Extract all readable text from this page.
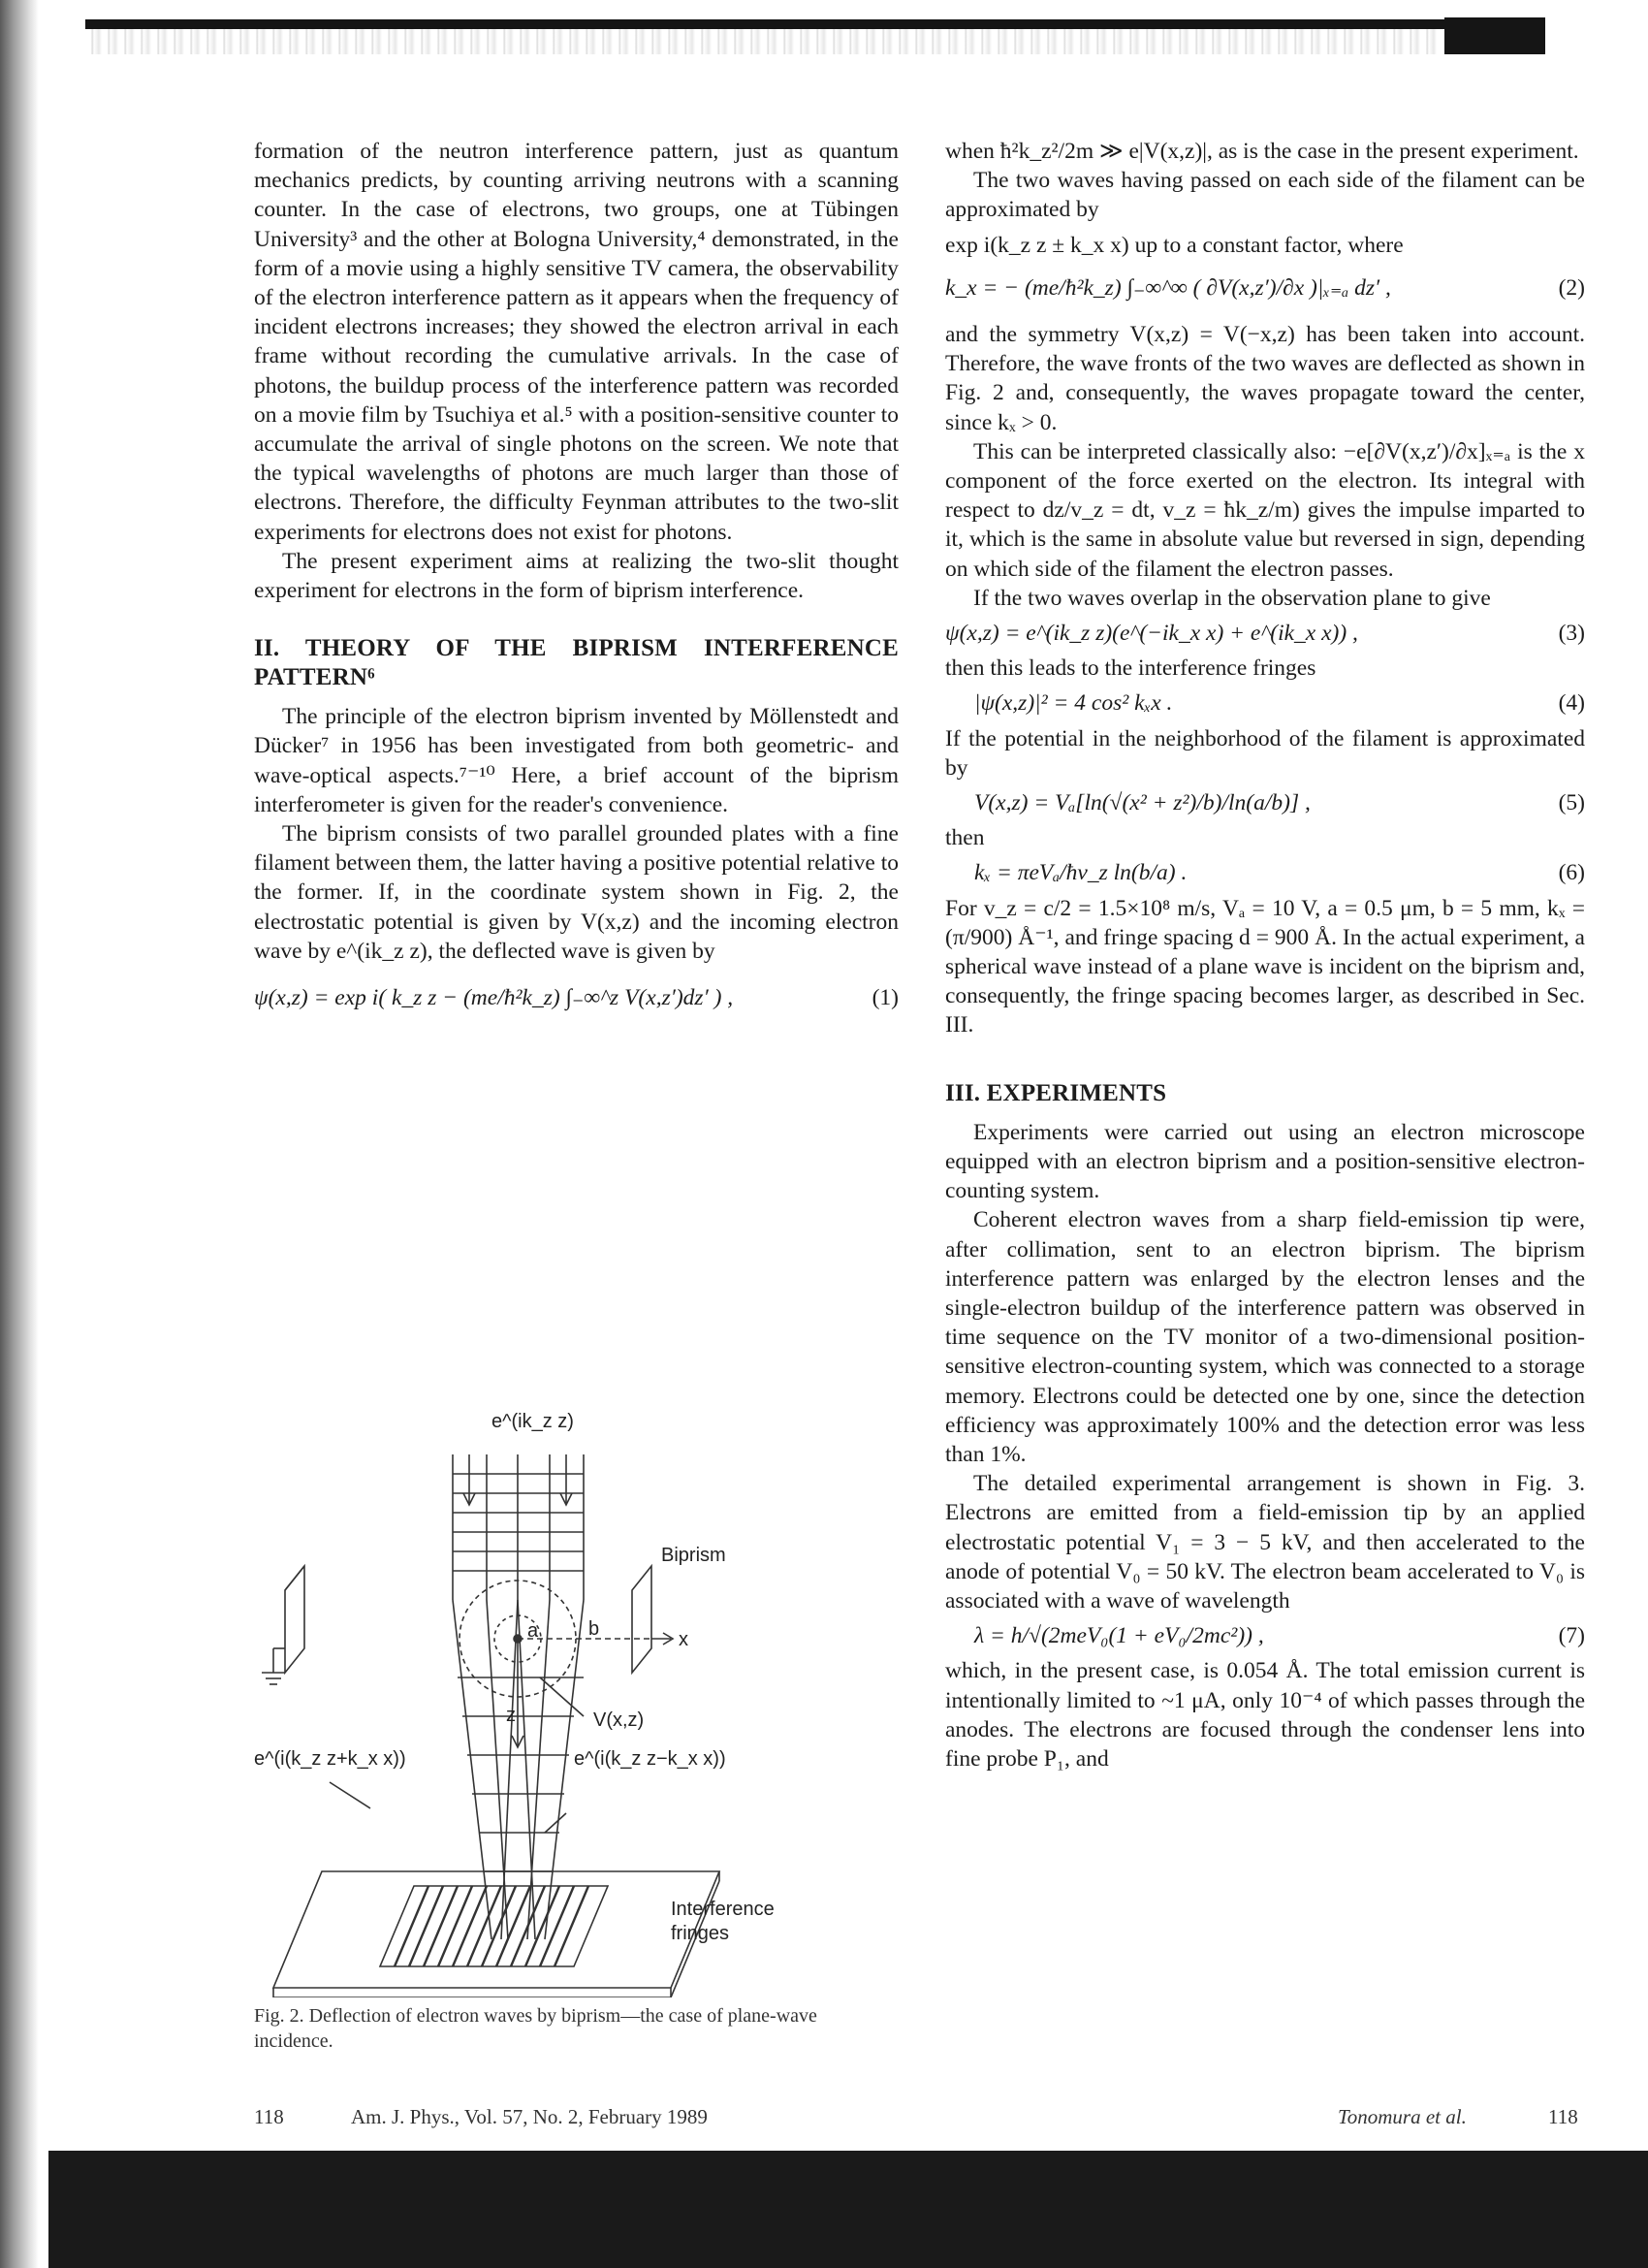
formation of the neutron interference pattern, just as quantum mechanics predicts, by counting arriving neutrons with a scanning counter. In the case of electrons, two groups, one at Tübingen University³ and the other at Bologna University,⁴ demonstrated, in the form of a movie using a highly sensitive TV camera, the observability of the electron interference pattern as it appears when the frequency of incident electrons increases; they showed the electron arrival in each frame without recording the cumulative arrivals. In the case of photons, the buildup process of the interference pattern was recorded on a movie film by Tsuchiya et al.⁵ with a position-sensitive counter to accumulate the arrival of single photons on the screen. We note that the typical wavelengths of photons are much larger than those of electrons. Therefore, the difficulty Feynman attributes to the two-slit experiments for electrons does not exist for photons.

The present experiment aims at realizing the two-slit thought experiment for electrons in the form of biprism interference.

II. THEORY OF THE BIPRISM INTERFERENCE PATTERN⁶

The principle of the electron biprism invented by Möllenstedt and Dücker⁷ in 1956 has been investigated from both geometric- and wave-optical aspects.⁷⁻¹⁰ Here, a brief account of the biprism interferometer is given for the reader's convenience.

The biprism consists of two parallel grounded plates with a fine filament between them, the latter having a positive potential relative to the former. If, in the coordinate system shown in Fig. 2, the electrostatic potential is given by V(x,z) and the incoming electron wave by e^(ik_z z), the deflected wave is given by

ψ(x,z) = exp i( k_z z − (me/ħ²k_z) ∫₋∞^z V(x,z′)dz′ ) ,	(1)
e^(ik_z z)
Biprism
x
a	b
z	V(x,z)
e^(i(k_z z+k_x x))	e^(i(k_z z−k_x x))
Interference
fringes
Fig. 2. Deflection of electron waves by biprism—the case of plane-wave incidence.

when ħ²k_z²/2m ≫ e|V(x,z)|, as is the case in the present experiment.

The two waves having passed on each side of the filament can be approximated by

exp i(k_z z ± k_x x) up to a constant factor, where

k_x = − (me/ħ²k_z) ∫₋∞^∞ ( ∂V(x,z′)/∂x )|ₓ₌ₐ dz′ ,	(2)

and the symmetry V(x,z) = V(−x,z) has been taken into account. Therefore, the wave fronts of the two waves are deflected as shown in Fig. 2 and, consequently, the waves propagate toward the center, since kₓ > 0.

This can be interpreted classically also: −e[∂V(x,z′)/∂x]ₓ₌ₐ is the x component of the force exerted on the electron. Its integral with respect to dz/v_z = dt, v_z = ħk_z/m) gives the impulse imparted to it, which is the same in absolute value but reversed in sign, depending on which side of the filament the electron passes.

If the two waves overlap in the observation plane to give

ψ(x,z) = e^(ik_z z)(e^(−ik_x x) + e^(ik_x x)) ,	(3)

then this leads to the interference fringes

|ψ(x,z)|² = 4 cos² kₓx .	(4)

If the potential in the neighborhood of the filament is approximated by

V(x,z) = Vₐ[ln(√(x² + z²)/b)/ln(a/b)] ,	(5)

then

kₓ = πeVₐ/ħv_z ln(b/a) .	(6)

For v_z = c/2 = 1.5×10⁸ m/s, Vₐ = 10 V, a = 0.5 μm, b = 5 mm, kₓ = (π/900) Å⁻¹, and fringe spacing d = 900 Å. In the actual experiment, a spherical wave instead of a plane wave is incident on the biprism and, consequently, the fringe spacing becomes larger, as described in Sec. III.

III. EXPERIMENTS

Experiments were carried out using an electron microscope equipped with an electron biprism and a position-sensitive electron-counting system.

Coherent electron waves from a sharp field-emission tip were, after collimation, sent to an electron biprism. The biprism interference pattern was enlarged by the electron lenses and the single-electron buildup of the interference pattern was observed in time sequence on the TV monitor of a two-dimensional position-sensitive electron-counting system, which was connected to a storage memory. Electrons could be detected one by one, since the detection efficiency was approximately 100% and the detection error was less than 1%.

The detailed experimental arrangement is shown in Fig. 3. Electrons are emitted from a field-emission tip by an applied electrostatic potential V₁ = 3 − 5 kV, and then accelerated to the anode of potential V₀ = 50 kV. The electron beam accelerated to V₀ is associated with a wave of wavelength

λ = h/√(2meV₀(1 + eV₀/2mc²)) ,	(7)

which, in the present case, is 0.054 Å. The total emission current is intentionally limited to ~1 μA, only 10⁻⁴ of which passes through the anodes. The electrons are focused through the condenser lens into fine probe P₁, and

118	Am. J. Phys., Vol. 57, No. 2, February 1989	Tonomura et al.	118
